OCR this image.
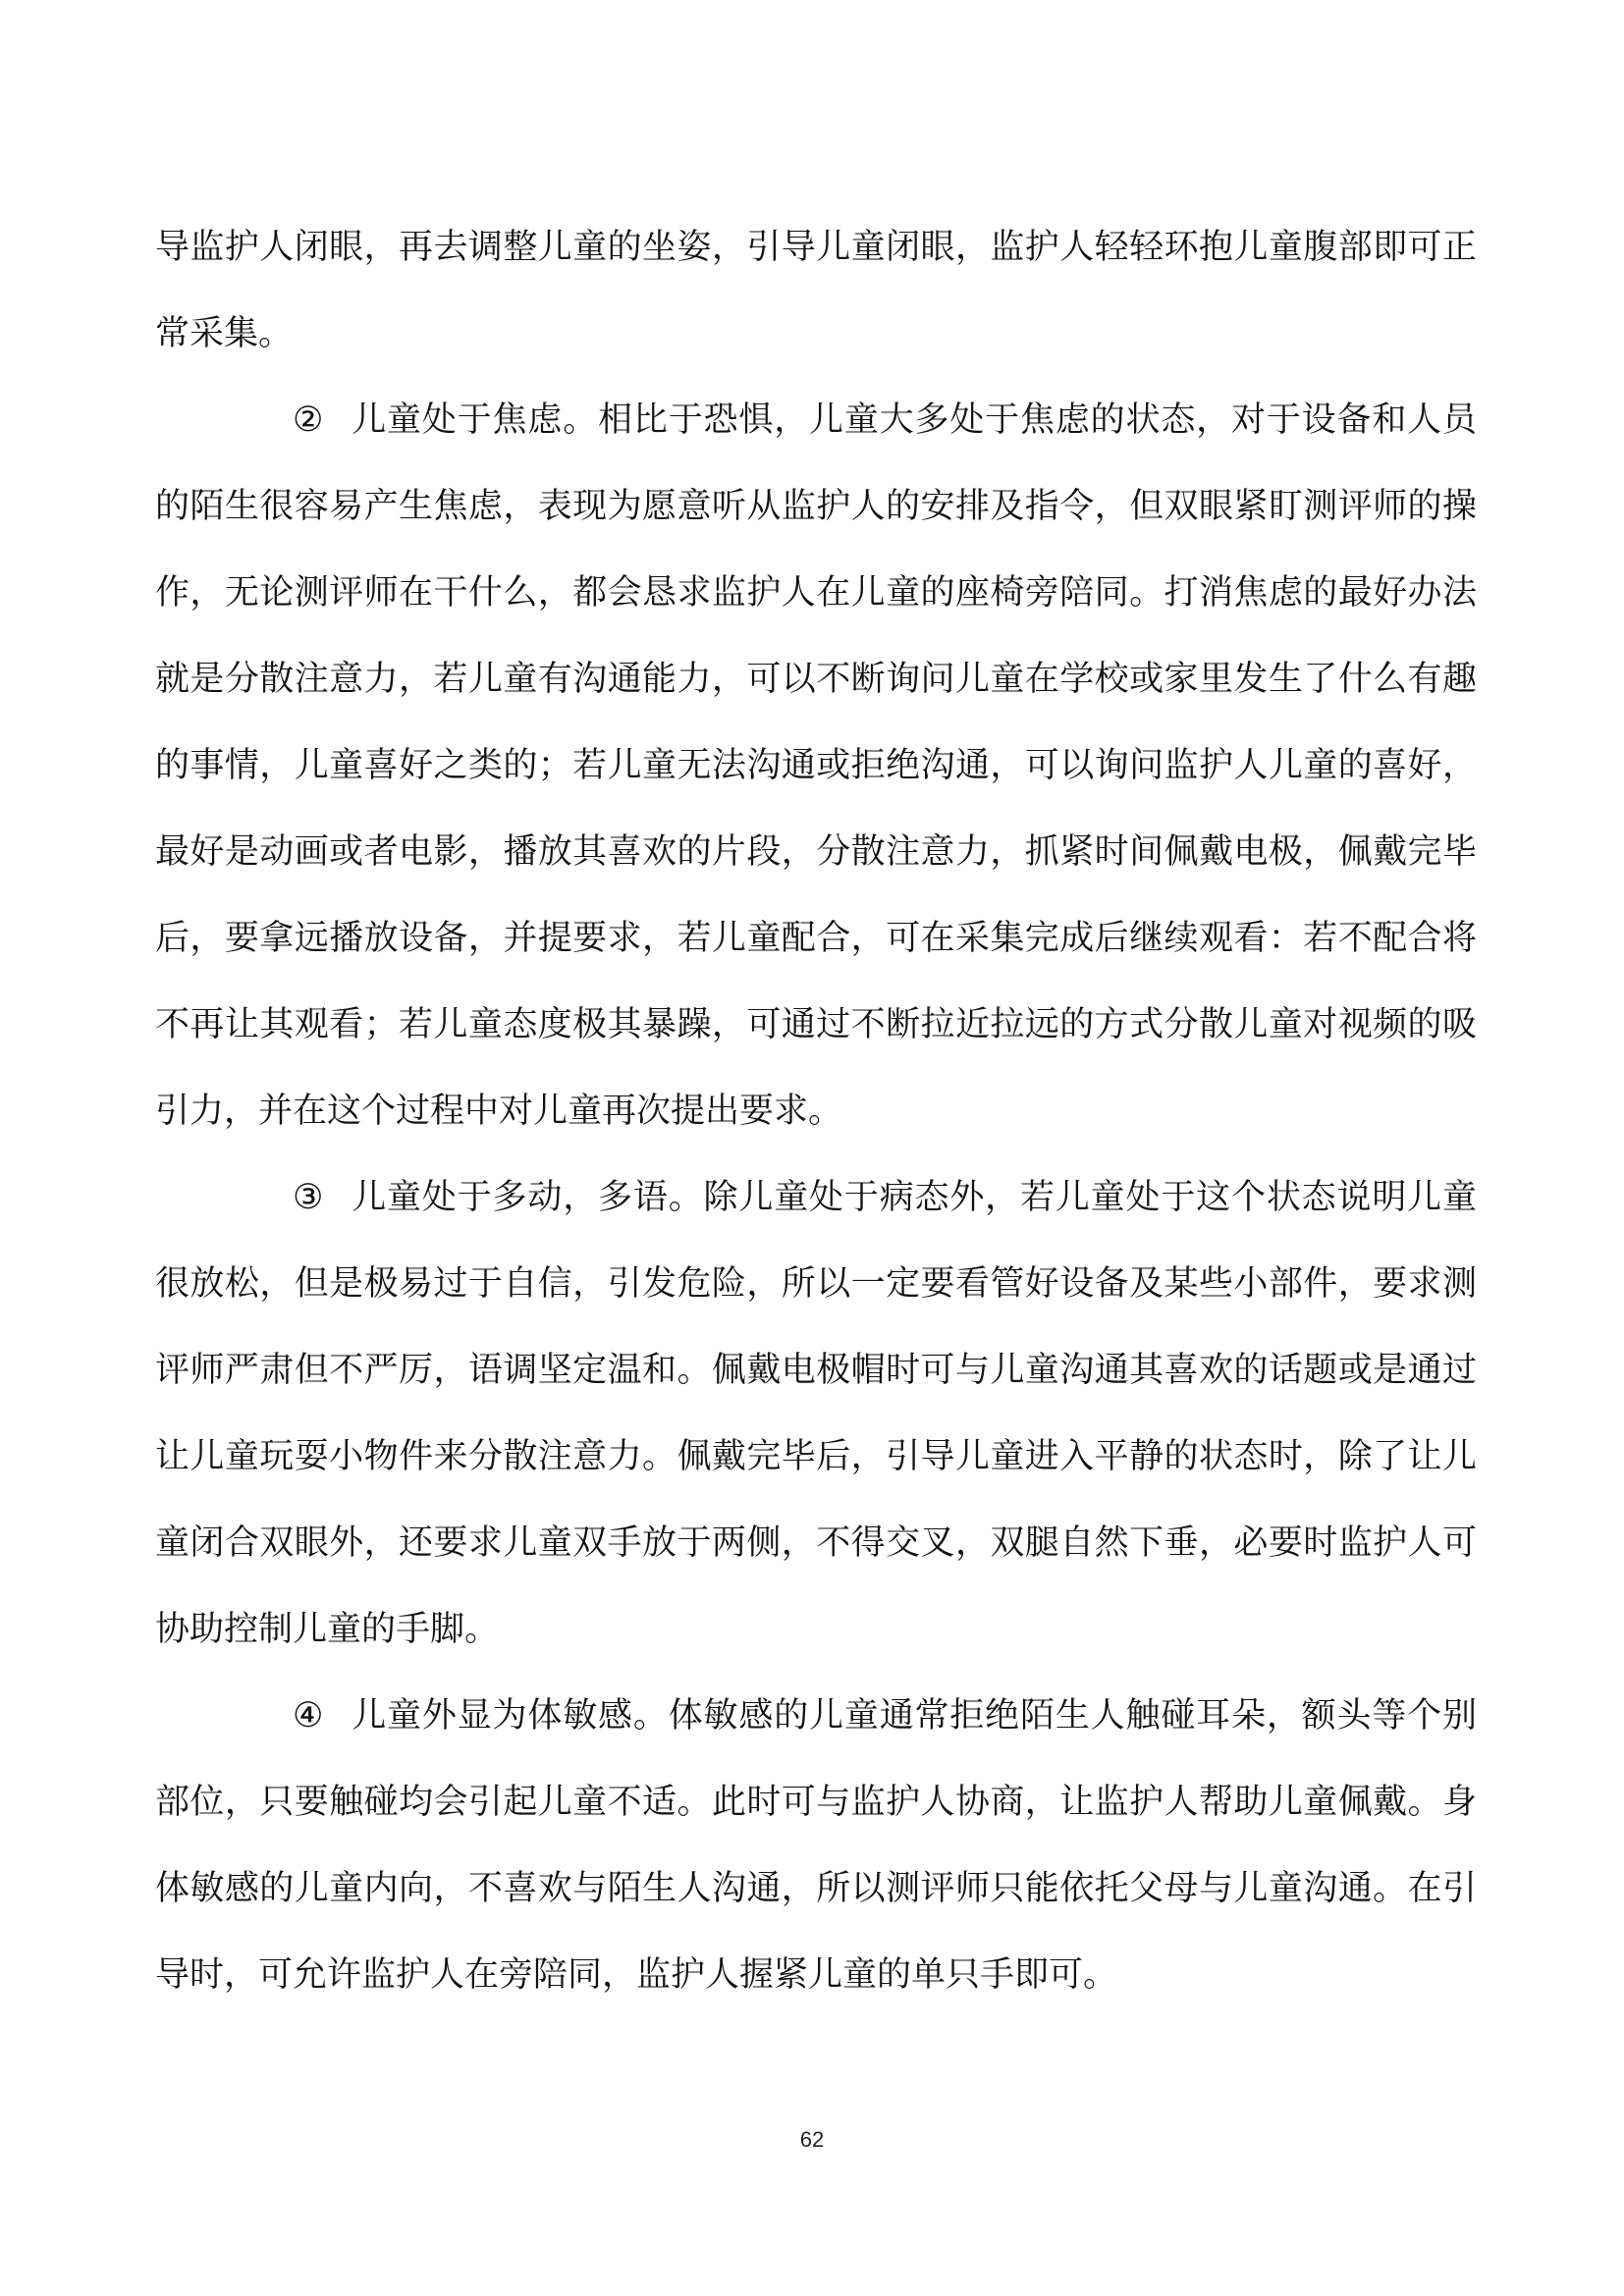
导监护人闭眼，再去调整儿童的坐姿，引导儿童闭眼，监护人轻轻环抱儿童腹部即可正常采集。

② 儿童处于焦虑。相比于恐惧，儿童大多处于焦虑的状态，对于设备和人员的陌生很容易产生焦虑，表现为愿意听从监护人的安排及指令，但双眼紧盯测评师的操作，无论测评师在干什么，都会恳求监护人在儿童的座椅旁陪同。打消焦虑的最好办法就是分散注意力，若儿童有沟通能力，可以不断询问儿童在学校或家里发生了什么有趣的事情，儿童喜好之类的；若儿童无法沟通或拒绝沟通，可以询问监护人儿童的喜好，最好是动画或者电影，播放其喜欢的片段，分散注意力，抓紧时间佩戴电极，佩戴完毕后，要拿远播放设备，并提要求，若儿童配合，可在采集完成后继续观看：若不配合将不再让其观看；若儿童态度极其暴躁，可通过不断拉近拉远的方式分散儿童对视频的吸引力，并在这个过程中对儿童再次提出要求。

③ 儿童处于多动，多语。除儿童处于病态外，若儿童处于这个状态说明儿童很放松，但是极易过于自信，引发危险，所以一定要看管好设备及某些小部件，要求测评师严肃但不严厉，语调坚定温和。佩戴电极帽时可与儿童沟通其喜欢的话题或是通过让儿童玩耍小物件来分散注意力。佩戴完毕后，引导儿童进入平静的状态时，除了让儿童闭合双眼外，还要求儿童双手放于两侧，不得交叉，双腿自然下垂，必要时监护人可协助控制儿童的手脚。

④ 儿童外显为体敏感。体敏感的儿童通常拒绝陌生人触碰耳朵，额头等个别部位，只要触碰均会引起儿童不适。此时可与监护人协商，让监护人帮助儿童佩戴。身体敏感的儿童内向，不喜欢与陌生人沟通，所以测评师只能依托父母与儿童沟通。在引导时，可允许监护人在旁陪同，监护人握紧儿童的单只手即可。

62
